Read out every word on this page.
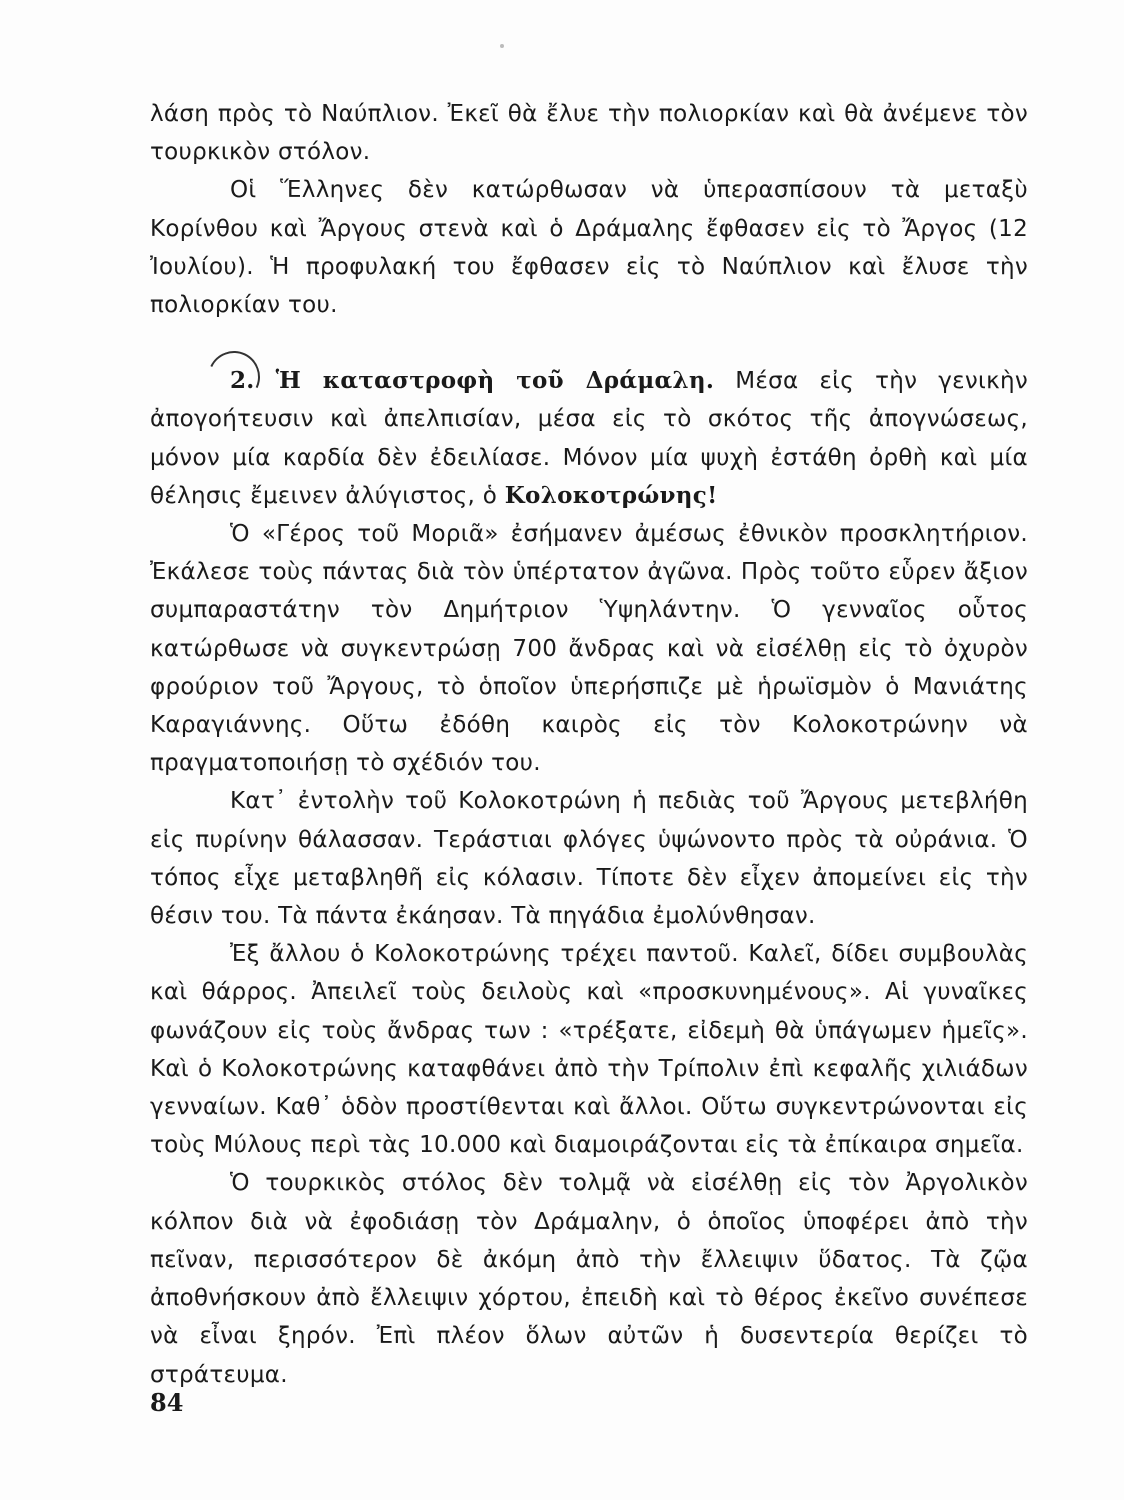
λάση πρὸς τὸ Ναύπλιον. Ἐκεῖ θὰ ἔλυε τὴν πολιορκίαν καὶ θὰ ἀνέμενε τὸν τουρκικὸν στόλον.

Οἱ Ἕλληνες δὲν κατώρθωσαν νὰ ὑπερασπίσουν τὰ μεταξὺ Κορίνθου καὶ Ἄργους στενὰ καὶ ὁ Δράμαλης ἔφθασεν εἰς τὸ Ἄργος (12 Ἰουλίου). Ἡ προφυλακή του ἔφθασεν εἰς τὸ Ναύπλιον καὶ ἔλυσε τὴν πολιορκίαν του.

2. Ἡ καταστροφὴ τοῦ Δράμαλη. Μέσα εἰς τὴν γενικὴν ἀπογοήτευσιν καὶ ἀπελπισίαν, μέσα εἰς τὸ σκότος τῆς ἀπογνώσεως, μόνον μία καρδία δὲν ἐδειλίασε. Μόνον μία ψυχὴ ἐστάθη ὀρθὴ καὶ μία θέλησις ἔμεινεν ἀλύγιστος, ὁ Κολοκοτρώνης!

Ὁ «Γέρος τοῦ Μοριᾶ» ἐσήμανεν ἀμέσως ἐθνικὸν προσκλητήριον. Ἐκάλεσε τοὺς πάντας διὰ τὸν ὑπέρτατον ἀγῶνα. Πρὸς τοῦτο εὗρεν ἄξιον συμπαραστάτην τὸν Δημήτριον Ὑψηλάντην. Ὁ γενναῖος οὗτος κατώρθωσε νὰ συγκεντρώσῃ 700 ἄνδρας καὶ νὰ εἰσέλθῃ εἰς τὸ ὀχυρὸν φρούριον τοῦ Ἄργους, τὸ ὁποῖον ὑπερήσπιζε μὲ ἡρωϊσμὸν ὁ Μανιάτης Καραγιάννης. Οὕτω ἐδόθη καιρὸς εἰς τὸν Κολοκοτρώνην νὰ πραγματοποιήσῃ τὸ σχέδιόν του.

Κατ᾽ ἐντολὴν τοῦ Κολοκοτρώνη ἡ πεδιὰς τοῦ Ἄργους μετεβλήθη εἰς πυρίνην θάλασσαν. Τεράστιαι φλόγες ὑψώνοντο πρὸς τὰ οὐράνια. Ὁ τόπος εἶχε μεταβληθῆ εἰς κόλασιν. Τίποτε δὲν εἶχεν ἀπομείνει εἰς τὴν θέσιν του. Τὰ πάντα ἐκάησαν. Τὰ πηγάδια ἐμολύνθησαν.

Ἐξ ἄλλου ὁ Κολοκοτρώνης τρέχει παντοῦ. Καλεῖ, δίδει συμβουλὰς καὶ θάρρος. Ἀπειλεῖ τοὺς δειλοὺς καὶ «προσκυνημένους». Αἱ γυναῖκες φωνάζουν εἰς τοὺς ἄνδρας των : «τρέξατε, εἰδεμὴ θὰ ὑπάγωμεν ἡμεῖς». Καὶ ὁ Κολοκοτρώνης καταφθάνει ἀπὸ τὴν Τρίπολιν ἐπὶ κεφαλῆς χιλιάδων γενναίων. Καθ᾽ ὁδὸν προστίθενται καὶ ἄλλοι. Οὕτω συγκεντρώνονται εἰς τοὺς Μύλους περὶ τὰς 10.000 καὶ διαμοιράζονται εἰς τὰ ἐπίκαιρα σημεῖα.

Ὁ τουρκικὸς στόλος δὲν τολμᾷ νὰ εἰσέλθῃ εἰς τὸν Ἀργολικὸν κόλπον διὰ νὰ ἐφοδιάσῃ τὸν Δράμαλην, ὁ ὁποῖος ὑποφέρει ἀπὸ τὴν πεῖναν, περισσότερον δὲ ἀκόμη ἀπὸ τὴν ἔλλειψιν ὕδατος. Τὰ ζῷα ἀποθνήσκουν ἀπὸ ἔλλειψιν χόρτου, ἐπειδὴ καὶ τὸ θέρος ἐκεῖνο συνέπεσε νὰ εἶναι ξηρόν. Ἐπὶ πλέον ὅλων αὐτῶν ἡ δυσεντερία θερίζει τὸ στράτευμα.

84
